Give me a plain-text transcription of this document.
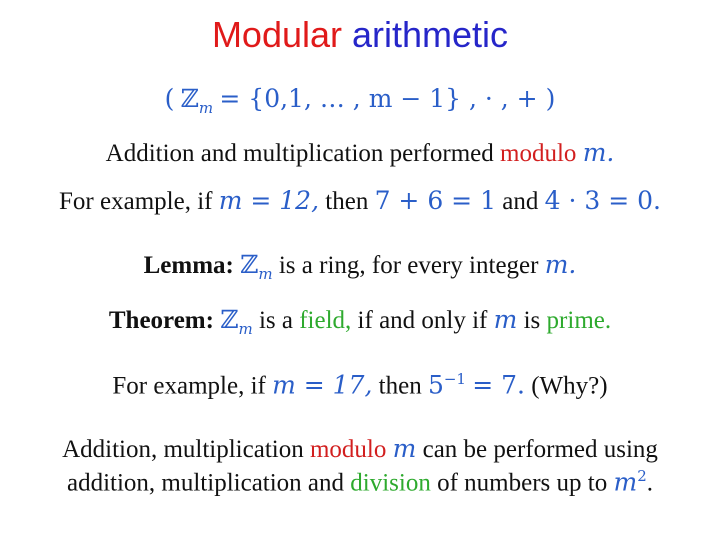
Modular arithmetic
( ℤ$_m$ = {0,1, … , m − 1} , · , + )
Addition and multiplication performed modulo m.
For example, if m = 12, then 7 + 6 = 1 and 4 · 3 = 0.
Lemma: ℤ$_m$ is a ring, for every integer m.
Theorem: ℤ$_m$ is a field, if and only if m is prime.
For example, if m = 17, then $5^{-1} = 7$. (Why?)
Addition, multiplication modulo m can be performed using
addition, multiplication and division of numbers up to $m^2$.
